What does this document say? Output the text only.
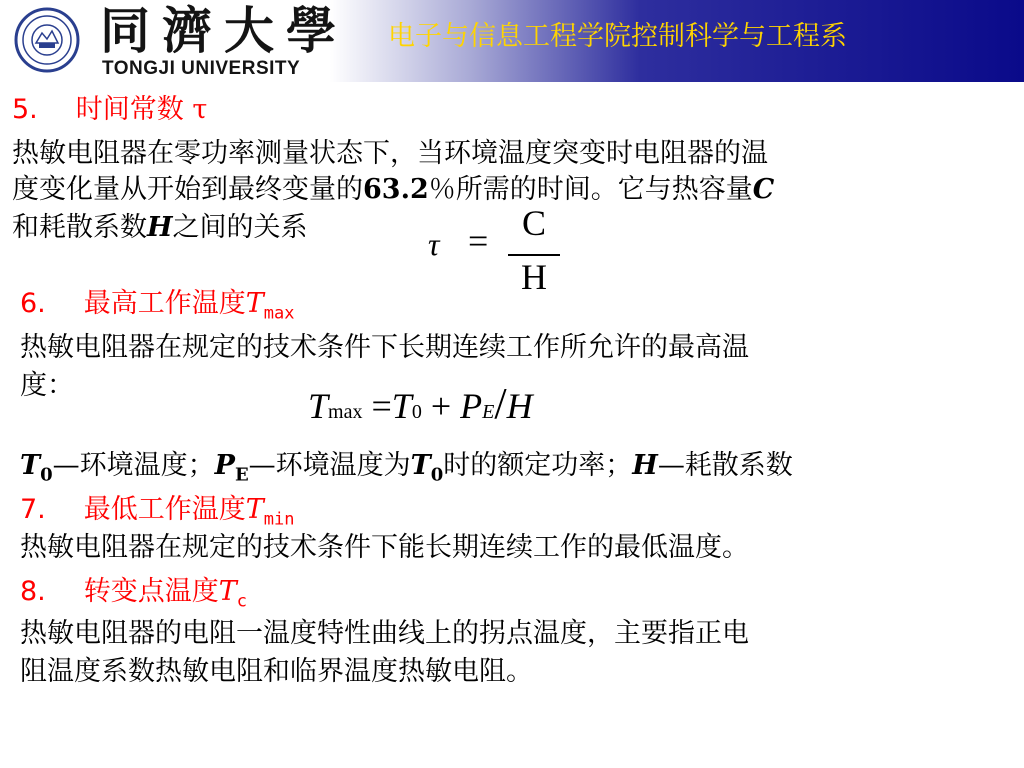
同濟大學
TONGJI UNIVERSITY
电子与信息工程学院控制科学与工程系
5. 时间常数 τ
热敏电阻器在零功率测量状态下，当环境温度突变时电阻器的温
度变化量从开始到最终变量的63.2％所需的时间。它与热容量C
和耗散系数H之间的关系	τ = C
H
6. 最高工作温度$T_{max}$
热敏电阻器在规定的技术条件下长期连续工作所允许的最高温
度：
Tmax =T0 + PE/H
$T_0—$环境温度；$P_E—$环境温度为$T_0$时的额定功率；H—耗散系数
7. 最低工作温度$T_{min}$
热敏电阻器在规定的技术条件下能长期连续工作的最低温度。
8. 转变点温度$T_c$
热敏电阻器的电阻一温度特性曲线上的拐点温度，主要指正电
阻温度系数热敏电阻和临界温度热敏电阻。
